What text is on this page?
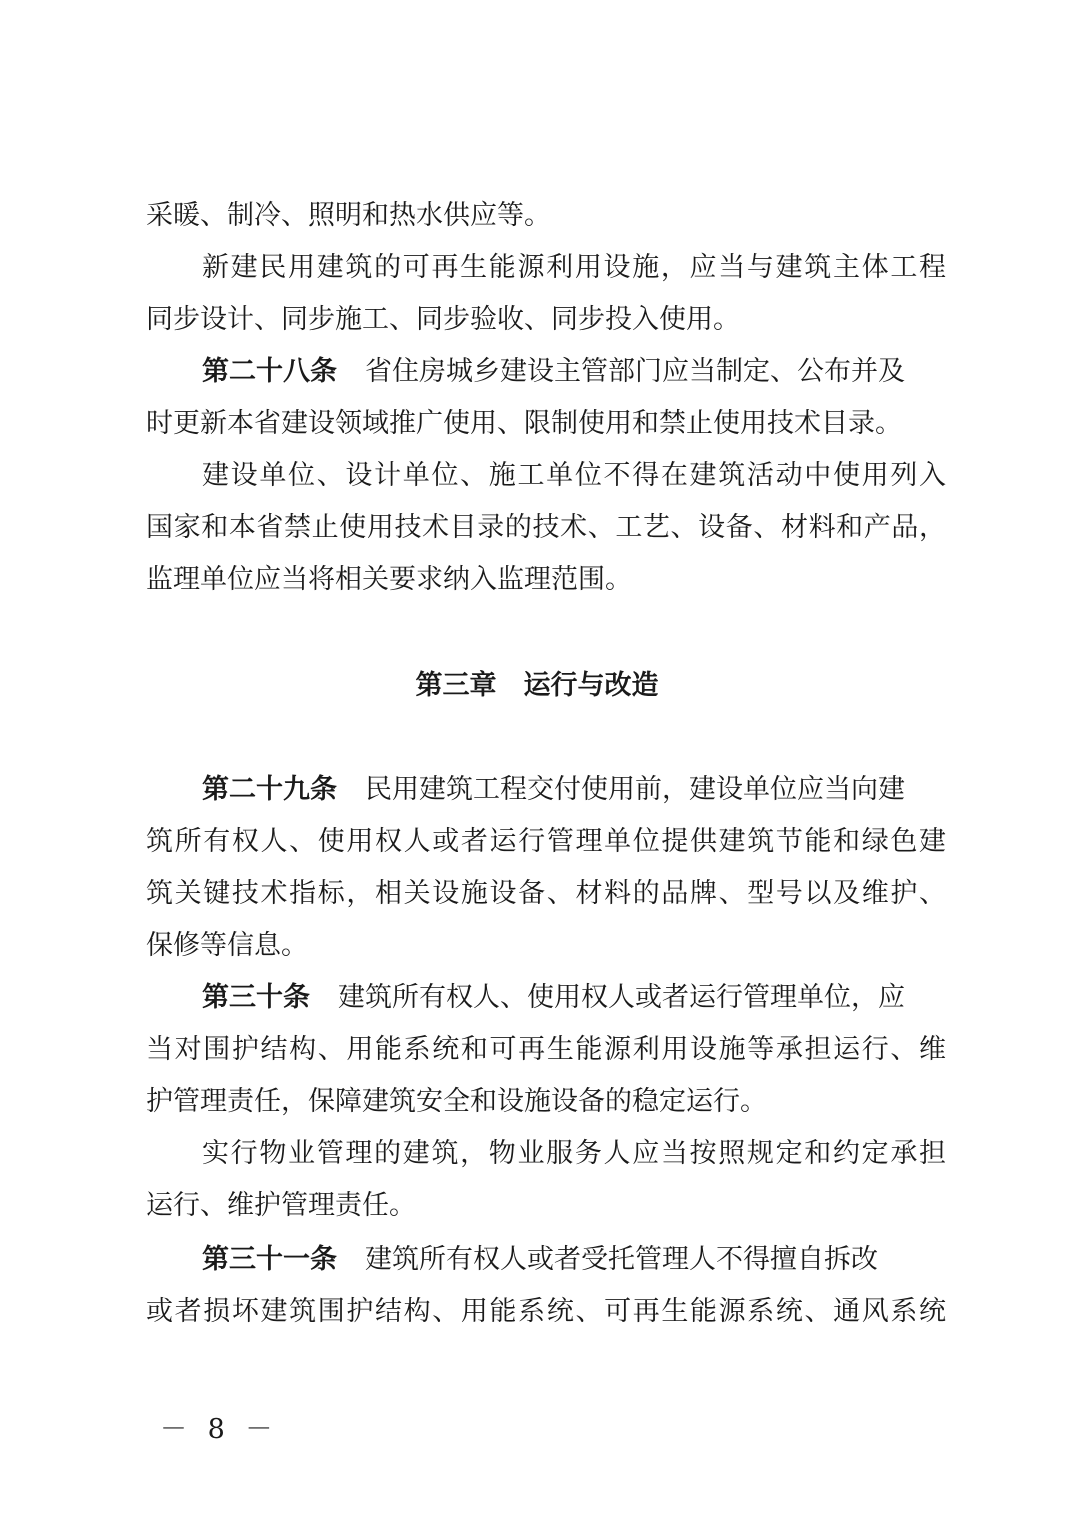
采暖、制冷、照明和热水供应等。
新建民用建筑的可再生能源利用设施，应当与建筑主体工程
同步设计、同步施工、同步验收、同步投入使用。
第二十八条 省住房城乡建设主管部门应当制定、公布并及
时更新本省建设领域推广使用、限制使用和禁止使用技术目录。
建设单位、设计单位、施工单位不得在建筑活动中使用列入
国家和本省禁止使用技术目录的技术、工艺、设备、材料和产品，
监理单位应当将相关要求纳入监理范围。
第三章　运行与改造
第二十九条 民用建筑工程交付使用前，建设单位应当向建
筑所有权人、使用权人或者运行管理单位提供建筑节能和绿色建
筑关键技术指标，相关设施设备、材料的品牌、型号以及维护、
保修等信息。
第三十条 建筑所有权人、使用权人或者运行管理单位，应
当对围护结构、用能系统和可再生能源利用设施等承担运行、维
护管理责任，保障建筑安全和设施设备的稳定运行。
实行物业管理的建筑，物业服务人应当按照规定和约定承担
运行、维护管理责任。
第三十一条 建筑所有权人或者受托管理人不得擅自拆改
或者损坏建筑围护结构、用能系统、可再生能源系统、通风系统
－ 8 －
